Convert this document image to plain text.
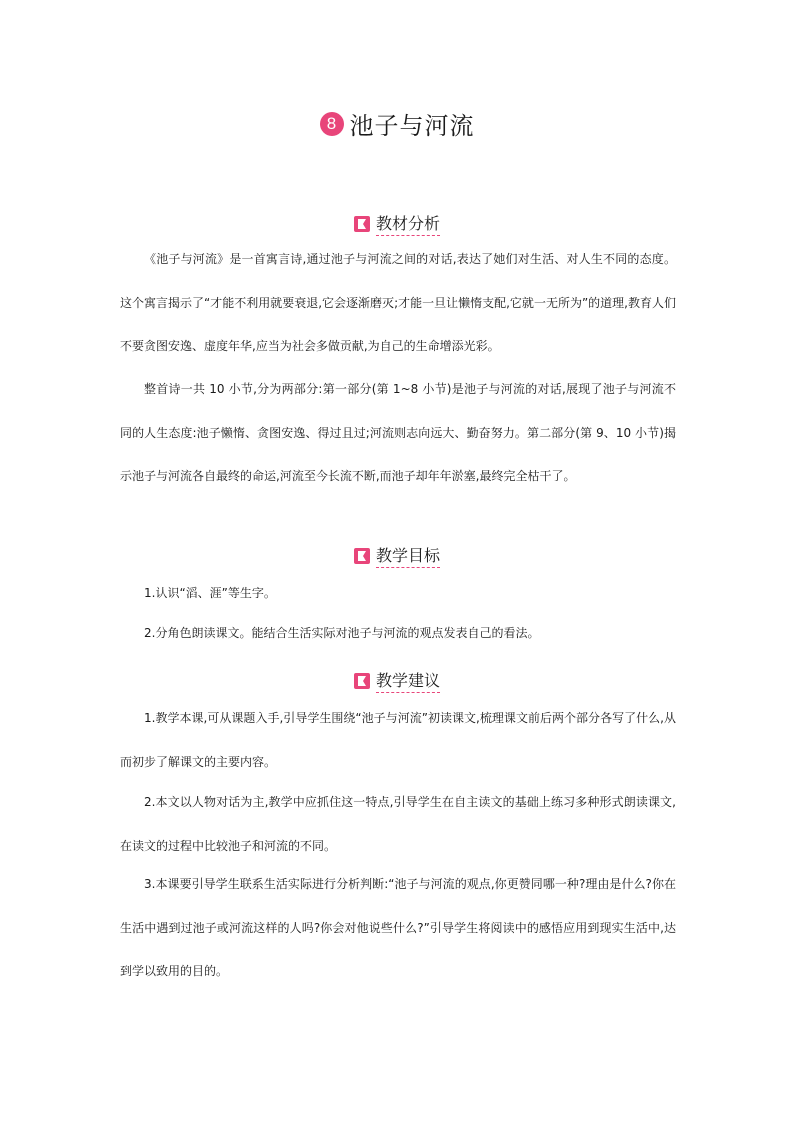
8 池子与河流
教材分析

《池子与河流》是一首寓言诗,通过池子与河流之间的对话,表达了她们对生活、对人生不同的态度。这个寓言揭示了“才能不利用就要衰退,它会逐渐磨灭;才能一旦让懒惰支配,它就一无所为”的道理,教育人们不要贪图安逸、虚度年华,应当为社会多做贡献,为自己的生命增添光彩。

整首诗一共 10 小节,分为两部分:第一部分(第 1~8 小节)是池子与河流的对话,展现了池子与河流不同的人生态度:池子懒惰、贪图安逸、得过且过;河流则志向远大、勤奋努力。第二部分(第 9、10 小节)揭示池子与河流各自最终的命运,河流至今长流不断,而池子却年年淤塞,最终完全枯干了。

教学目标

1.认识“滔、涯”等生字。

2.分角色朗读课文。能结合生活实际对池子与河流的观点发表自己的看法。

教学建议

1.教学本课,可从课题入手,引导学生围绕“池子与河流”初读课文,梳理课文前后两个部分各写了什么,从而初步了解课文的主要内容。

2.本文以人物对话为主,教学中应抓住这一特点,引导学生在自主读文的基础上练习多种形式朗读课文,在读文的过程中比较池子和河流的不同。

3.本课要引导学生联系生活实际进行分析判断:“池子与河流的观点,你更赞同哪一种?理由是什么?你在生活中遇到过池子或河流这样的人吗?你会对他说些什么?”引导学生将阅读中的感悟应用到现实生活中,达到学以致用的目的。
